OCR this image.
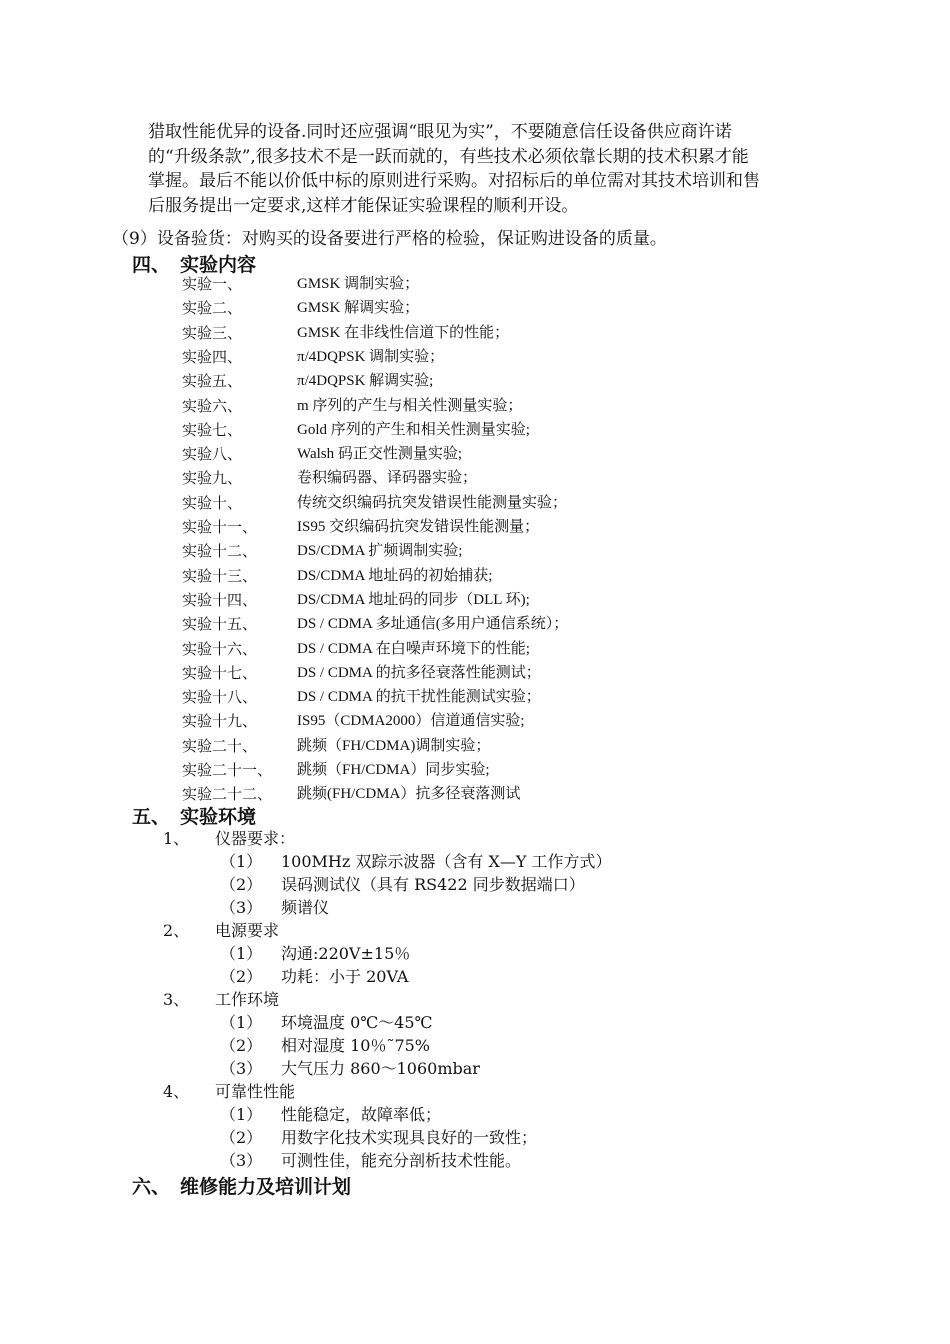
猎取性能优异的设备.同时还应强调“眼见为实”，不要随意信任设备供应商许诺
的“升级条款”,很多技术不是一跃而就的，有些技术必须依靠长期的技术积累才能
掌握。最后不能以价低中标的原则进行采购。对招标后的单位需对其技术培训和售
后服务提出一定要求,这样才能保证实验课程的顺利开设。
（9）设备验货：对购买的设备要进行严格的检验，保证购进设备的质量。
四、 实验内容
实验一、	GMSK 调制实验；
实验二、	GMSK 解调实验；
实验三、	GMSK 在非线性信道下的性能；
实验四、	π/4DQPSK 调制实验；
实验五、	π/4DQPSK 解调实验;
实验六、	m 序列的产生与相关性测量实验；
实验七、	Gold 序列的产生和相关性测量实验;
实验八、	Walsh 码正交性测量实验;
实验九、	卷积编码器、译码器实验；
实验十、	传统交织编码抗突发错误性能测量实验；
实验十一、	IS95 交织编码抗突发错误性能测量；
实验十二、	DS/CDMA 扩频调制实验;
实验十三、	DS/CDMA 地址码的初始捕获;
实验十四、	DS/CDMA 地址码的同步（DLL 环);
实验十五、	DS / CDMA 多址通信(多用户通信系统）；
实验十六、	DS / CDMA 在白噪声环境下的性能;
实验十七、	DS / CDMA 的抗多径衰落性能测试；
实验十八、	DS / CDMA 的抗干扰性能测试实验；
实验十九、	IS95（CDMA2000）信道通信实验;
实验二十、	跳频（FH/CDMA)调制实验；
实验二十一、 跳频（FH/CDMA）同步实验;
实验二十二、 跳频(FH/CDMA）抗多径衰落测试
五、 实验环境
1、 仪器要求：
（1） 100MHz 双踪示波器（含有 X—Y 工作方式）
（2） 误码测试仪（具有 RS422 同步数据端口）
（3） 频谱仪
2、 电源要求
（1） 沟通:220V±15％
（2） 功耗：小于 20VA
3、 工作环境
（1） 环境温度 0℃～45℃
（2） 相对湿度 10％˜75%
（3） 大气压力 860～1060mbar
4、 可靠性性能
（1） 性能稳定，故障率低；
（2） 用数字化技术实现具良好的一致性；
（3） 可测性佳，能充分剖析技术性能。
六、 维修能力及培训计划
